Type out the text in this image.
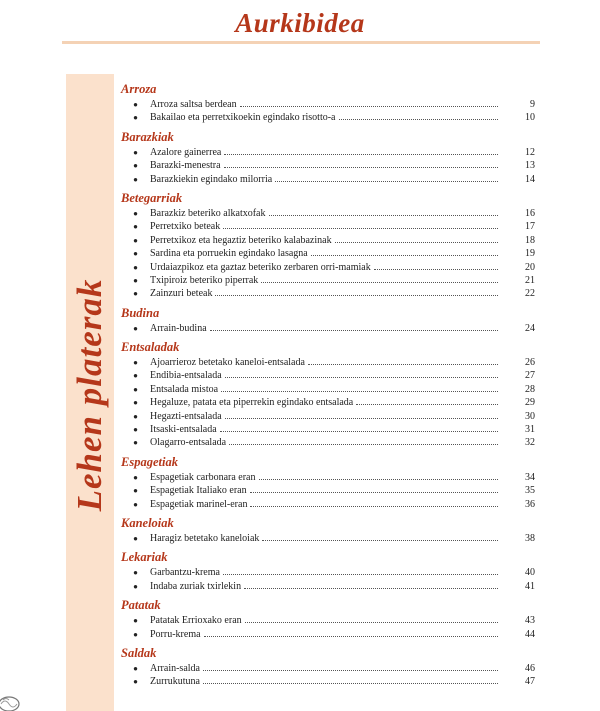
Aurkibidea
Lehen platerak
Arroza
●	Arroza saltsa berdean	9
●	Bakailao eta perretxikoekin egindako risotto-a	10
Barazkiak
●	Azalore gainerrea	12
●	Barazki-menestra	13
●	Barazkiekin egindako milorria	14
Betegarriak
●	Barazkiz beteriko alkatxofak	16
●	Perretxiko beteak	17
●	Perretxikoz eta hegaztiz beteriko kalabazinak	18
●	Sardina eta porruekin egindako lasagna	19
●	Urdaiazpikoz eta gaztaz beteriko zerbaren orri-mamiak	20
●	Txipiroiz beteriko piperrak	21
●	Zainzuri beteak	22
Budina
●	Arrain-budina	24
Entsaladak
●	Ajoarrieroz betetako kaneloi-entsalada	26
●	Endibia-entsalada	27
●	Entsalada mistoa	28
●	Hegaluze, patata eta piperrekin egindako entsalada	29
●	Hegazti-entsalada	30
●	Itsaski-entsalada	31
●	Olagarro-entsalada	32
Espagetiak
●	Espagetiak carbonara eran	34
●	Espagetiak Italiako eran	35
●	Espagetiak marinel-eran	36
Kaneloiak
●	Haragiz betetako kaneloiak	38
Lekariak
●	Garbantzu-krema	40
●	Indaba zuriak txirlekin	41
Patatak
●	Patatak Errioxako eran	43
●	Porru-krema	44
Saldak
●	Arrain-salda	46
●	Zurrukutuna	47
